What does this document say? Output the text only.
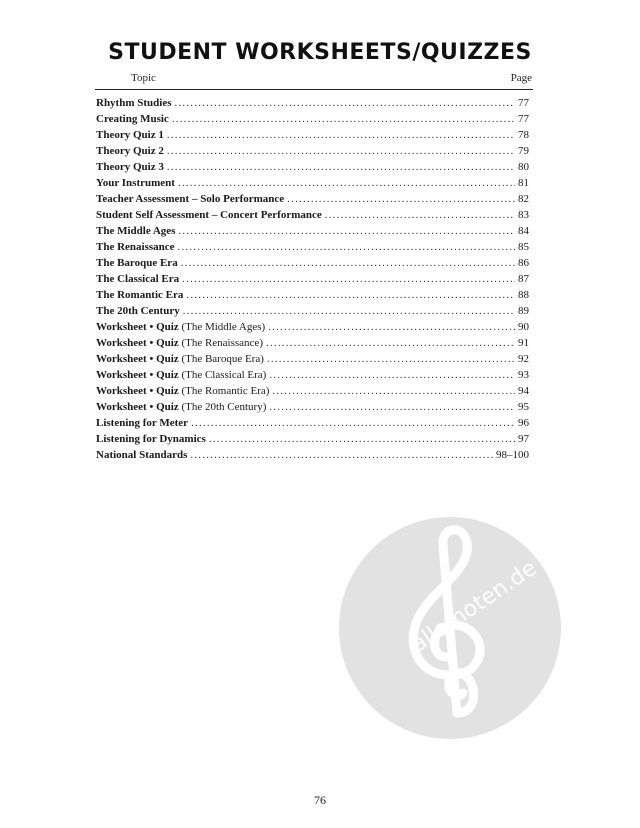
STUDENT WORKSHEETS/QUIZZES
Topic	Page
Rhythm Studies .....	77
Creating Music .....	77
Theory Quiz 1 .....	78
Theory Quiz 2 .....	79
Theory Quiz 3 .....	80
Your Instrument .....	81
Teacher Assessment – Solo Performance .....	82
Student Self Assessment – Concert Performance .....	83
The Middle Ages .....	84
The Renaissance .....	85
The Baroque Era .....	86
The Classical Era .....	87
The Romantic Era .....	88
The 20th Century .....	89
Worksheet • Quiz (The Middle Ages) .....	90
Worksheet • Quiz (The Renaissance) .....	91
Worksheet • Quiz (The Baroque Era) .....	92
Worksheet • Quiz (The Classical Era) .....	93
Worksheet • Quiz (The Romantic Era) .....	94
Worksheet • Quiz (The 20th Century) .....	95
Listening for Meter .....	96
Listening for Dynamics .....	97
National Standards .....	98–100
alle-noten.de
76
